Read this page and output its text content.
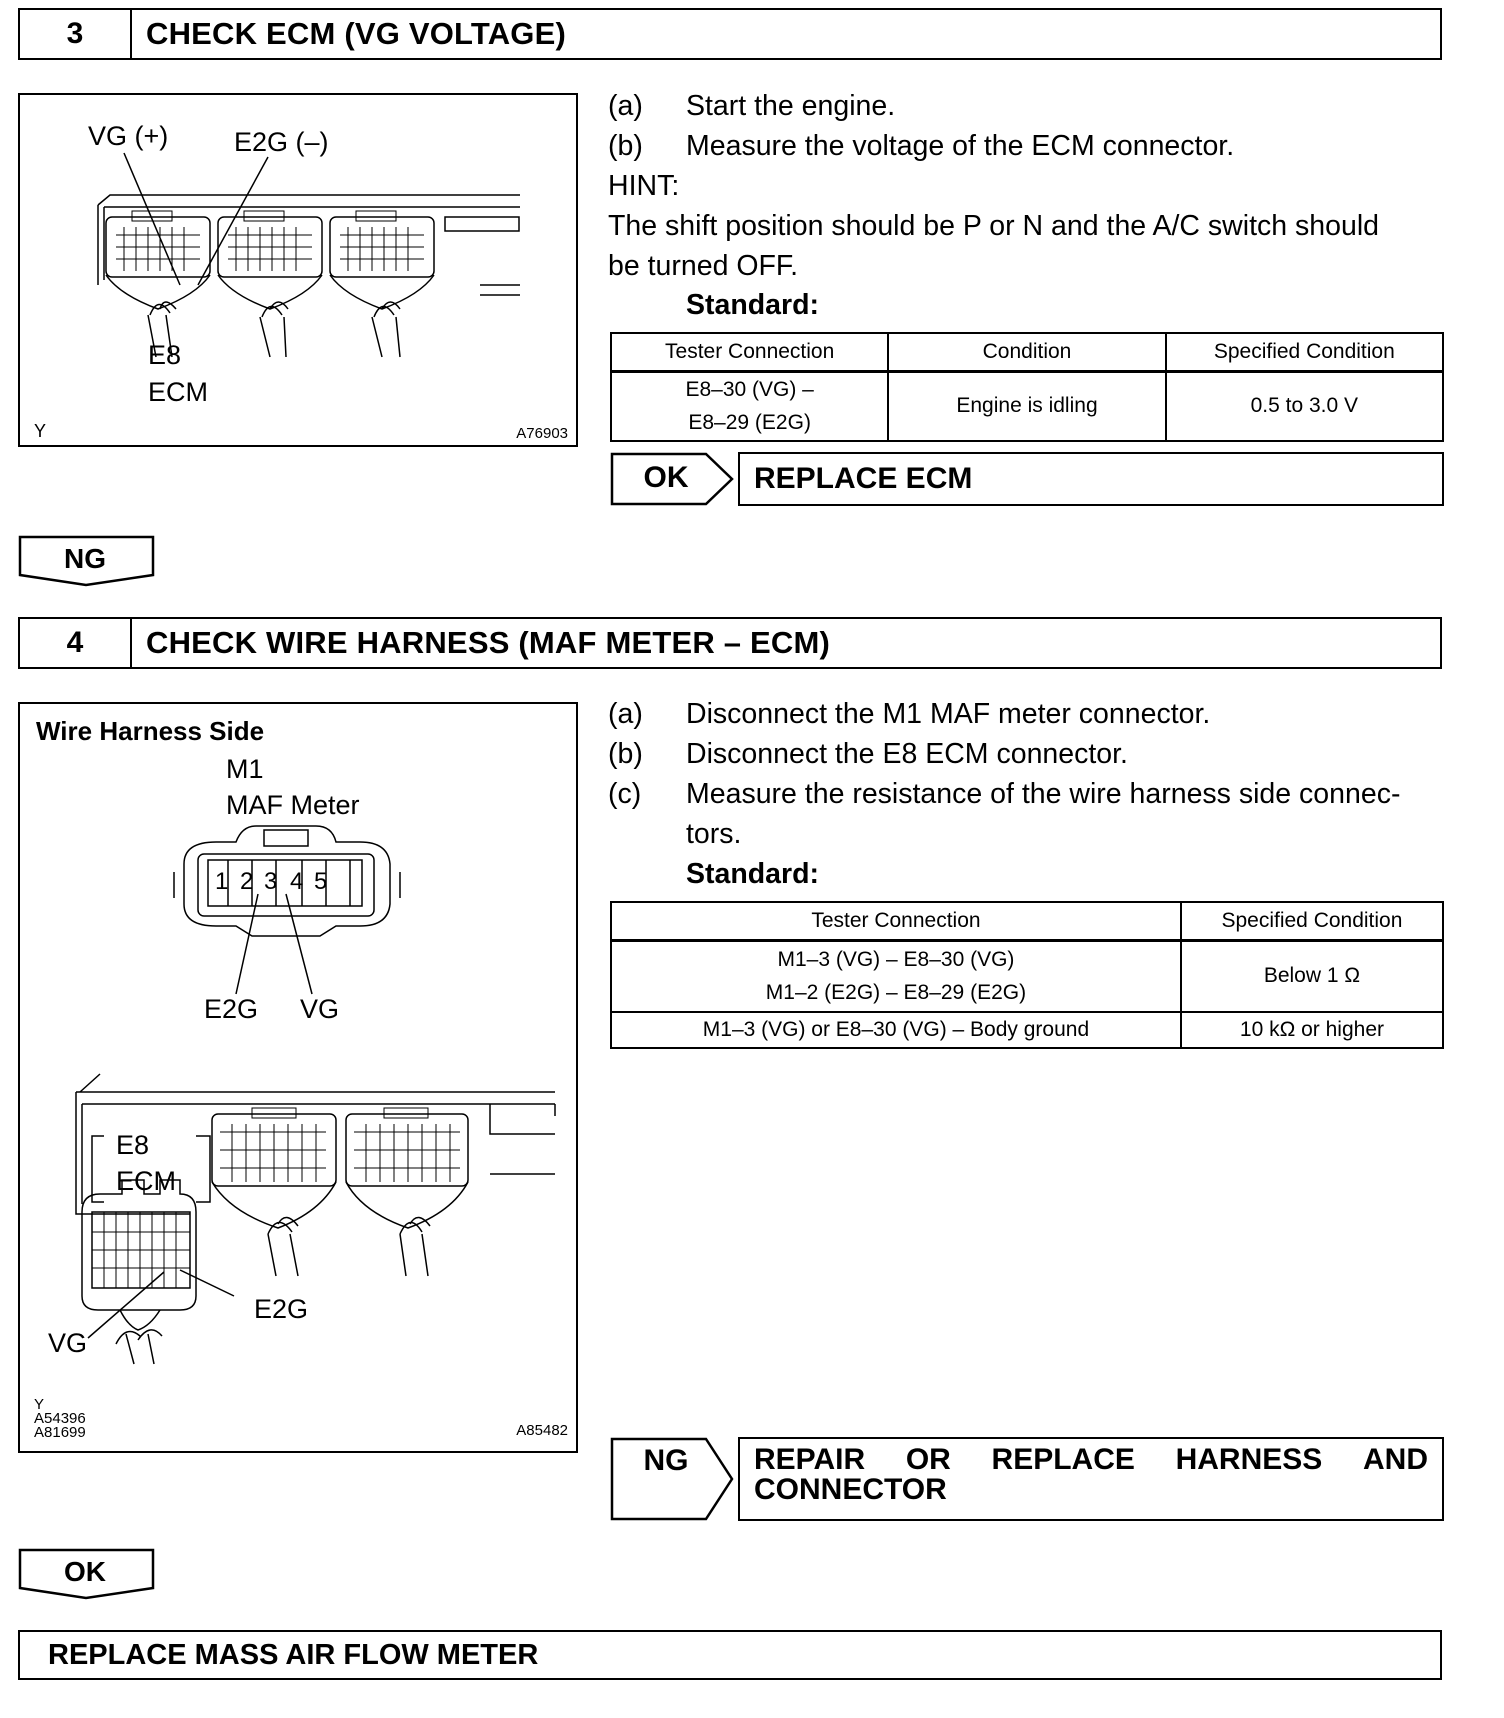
3	CHECK ECM (VG VOLTAGE)
VG (+) E2G (–)
E8
ECM
Y	A76903
(a) Start the engine.
(b) Measure the voltage of the ECM connector.
HINT:
The shift position should be P or N and the A/C switch should
be turned OFF.
Standard:
Tester Connection	Condition	Specified Condition

E8–30 (VG) –
E8–29 (E2G)	Engine is idling	0.5 to 3.0 V
OK	REPLACE ECM
NG
4	CHECK WIRE HARNESS (MAF METER – ECM)
Wire Harness Side
M1
MAF Meter
1 2 3 4 5
E2G VG
E8
ECM
E2G
VG
Y
A54396
A81699	A85482
(a) Disconnect the M1 MAF meter connector.
(b) Disconnect the E8 ECM connector.
(c) Measure the resistance of the wire harness side connec-
tors.
Standard:
Tester Connection	Specified Condition

M1–3 (VG) – E8–30 (VG)
M1–2 (E2G) – E8–29 (E2G)	Below 1 Ω
M1–3 (VG) or E8–30 (VG) – Body ground	10 kΩ or higher
NG	REPAIR OR REPLACE HARNESS AND
CONNECTOR
OK
REPLACE MASS AIR FLOW METER
